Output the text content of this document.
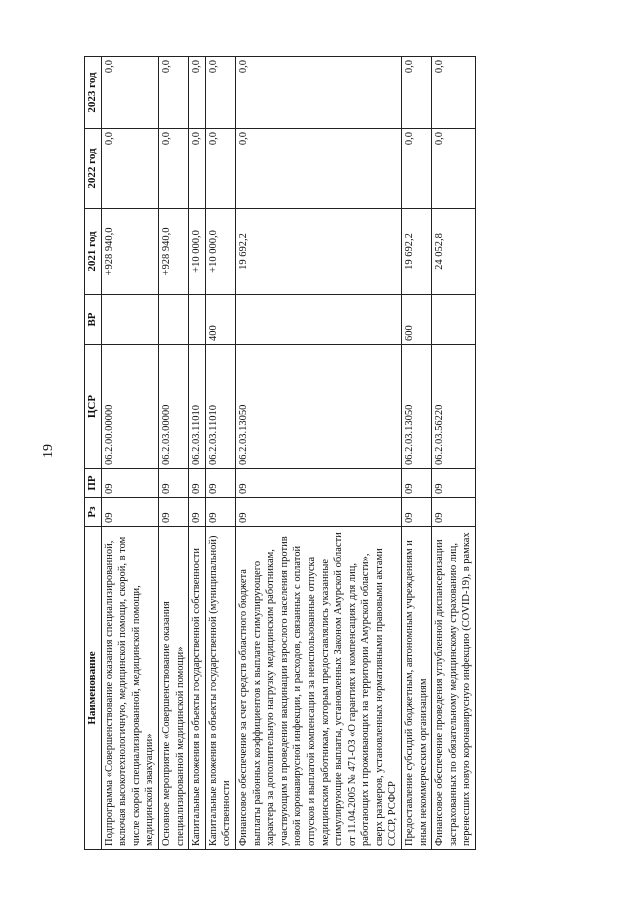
19
Наименование	Рз	ПР	ЦСР	ВР	2021 год	2022 год	2023 год
Подпрограмма «Совершенствование оказания специализированной, включая высокотехнологичную, медицинской помощи, скорой, в том числе скорой специализированной, медицинской помощи, медицинской эвакуации»	09	09	06.2.00.00000		+928 940,0	0,0	0,0
Основное мероприятие «Совершенствование оказания специализированной медицинской помощи»	09	09	06.2.03.00000		+928 940,0	0,0	0,0
Капитальные вложения в объекты государственной собственности	09	09	06.2.03.11010		+10 000,0	0,0	0,0
Капитальные вложения в объекты государственной (муниципальной) собственности	09	09	06.2.03.11010	400	+10 000,0	0,0	0,0
Финансовое обеспечение за счет средств областного бюджета выплаты районных коэффициентов к выплате стимулирующего характера за дополнительную нагрузку медицинским работникам, участвующим в проведении вакцинации взрослого населения против новой коронавирусной инфекции, и расходов, связанных с оплатой отпусков и выплатой компенсации за неиспользованные отпуска медицинским работникам, которым предоставлялись указанные стимулирующие выплаты, установленных Законом Амурской области от 11.04.2005 № 471-ОЗ «О гарантиях и компенсациях для лиц, работающих и проживающих на территории Амурской области», сверх размеров, установленных нормативными правовыми актами СССР, РСФСР	09	09	06.2.03.13050		19 692,2	0,0	0,0
Предоставление субсидий бюджетным, автономным учреждениям и иным некоммерческим организациям	09	09	06.2.03.13050	600	19 692,2	0,0	0,0
Финансовое обеспечение проведения углубленной диспансеризации застрахованных по обязательному медицинскому страхованию лиц, перенесших новую коронавирусную инфекцию (COVID-19), в рамках	09	09	06.2.03.56220		24 052,8	0,0	0,0
